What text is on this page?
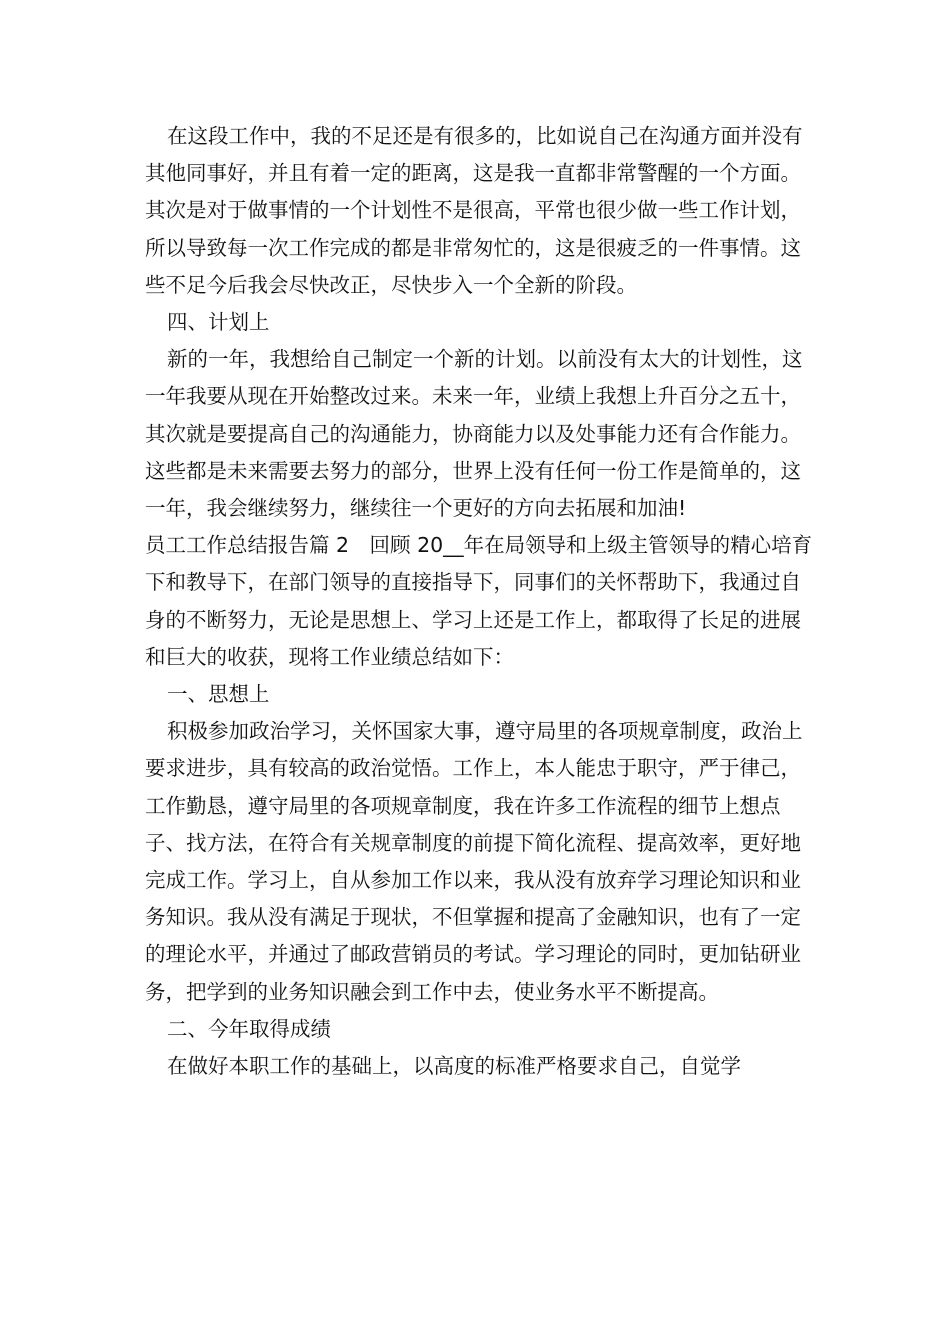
在这段工作中，我的不足还是有很多的，比如说自己在沟通方面并没有其他同事好，并且有着一定的距离，这是我一直都非常警醒的一个方面。其次是对于做事情的一个计划性不是很高，平常也很少做一些工作计划，所以导致每一次工作完成的都是非常匆忙的，这是很疲乏的一件事情。这些不足今后我会尽快改正，尽快步入一个全新的阶段。

四、计划上

新的一年，我想给自己制定一个新的计划。以前没有太大的计划性，这一年我要从现在开始整改过来。未来一年，业绩上我想上升百分之五十，其次就是要提高自己的沟通能力，协商能力以及处事能力还有合作能力。这些都是未来需要去努力的部分，世界上没有任何一份工作是简单的，这一年，我会继续努力，继续往一个更好的方向去拓展和加油!

员工工作总结报告篇 2　回顾 20__年在局领导和上级主管领导的精心培育下和教导下，在部门领导的直接指导下，同事们的关怀帮助下，我通过自身的不断努力，无论是思想上、学习上还是工作上，都取得了长足的进展和巨大的收获，现将工作业绩总结如下：

一、思想上

积极参加政治学习，关怀国家大事，遵守局里的各项规章制度，政治上要求进步，具有较高的政治觉悟。工作上，本人能忠于职守，严于律己，工作勤恳，遵守局里的各项规章制度，我在许多工作流程的细节上想点子、找方法，在符合有关规章制度的前提下简化流程、提高效率，更好地完成工作。学习上，自从参加工作以来，我从没有放弃学习理论知识和业务知识。我从没有满足于现状，不但掌握和提高了金融知识，也有了一定的理论水平，并通过了邮政营销员的考试。学习理论的同时，更加钻研业务，把学到的业务知识融会到工作中去，使业务水平不断提高。

二、今年取得成绩

在做好本职工作的基础上，以高度的标准严格要求自己，自觉学
